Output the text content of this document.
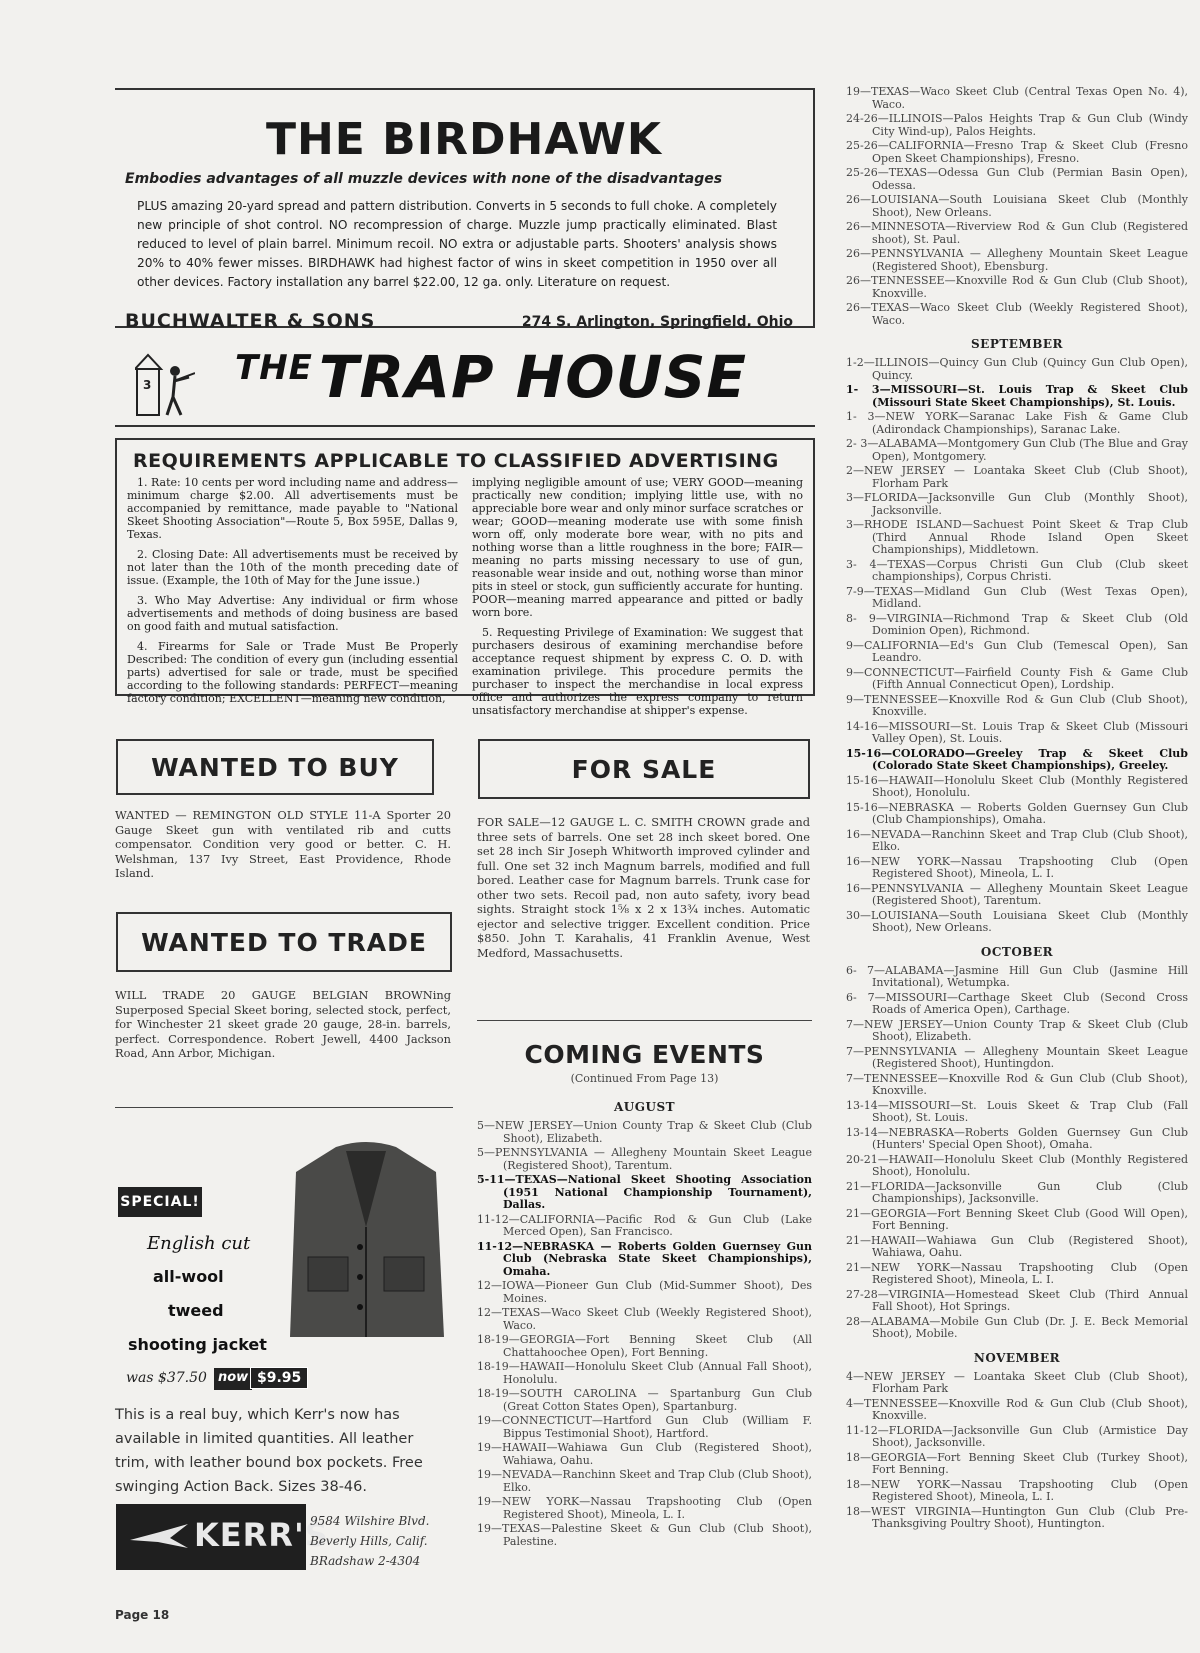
THE BIRDHAWK
Embodies advantages of all muzzle devices with none of the disadvantages
PLUS amazing 20-yard spread and pattern distribution. Converts in 5 seconds to full choke. A completely new principle of shot control. NO recompression of charge. Muzzle jump practically eliminated. Blast reduced to level of plain barrel. Minimum recoil. NO extra or adjustable parts. Shooters' analysis shows 20% to 40% fewer misses. BIRDHAWK had highest factor of wins in skeet competition in 1950 over all other devices. Factory installation any barrel $22.00, 12 ga. only. Literature on request.
BUCHWALTER & SONS	274 S. Arlington, Springfield, Ohio
3 $^{THE}$ TRAP HOUSE
REQUIREMENTS APPLICABLE TO CLASSIFIED ADVERTISING

1. Rate: 10 cents per word including name and address—minimum charge $2.00. All advertisements must be accompanied by remittance, made payable to "National Skeet Shooting Association"—Route 5, Box 595E, Dallas 9, Texas.

2. Closing Date: All advertisements must be received by not later than the 10th of the month preceding date of issue. (Example, the 10th of May for the June issue.)

3. Who May Advertise: Any individual or firm whose advertisements and methods of doing business are based on good faith and mutual satisfaction.

4. Firearms for Sale or Trade Must Be Properly Described: The condition of every gun (including essential parts) advertised for sale or trade, must be specified according to the following standards: PERFECT—meaning factory condition; EXCELLENT—meaning new condition,

implying negligible amount of use; VERY GOOD—meaning practically new condition; implying little use, with no appreciable bore wear and only minor surface scratches or wear; GOOD—meaning moderate use with some finish worn off, only moderate bore wear, with no pits and nothing worse than a little roughness in the bore; FAIR—meaning no parts missing necessary to use of gun, reasonable wear inside and out, nothing worse than minor pits in steel or stock, gun sufficiently accurate for hunting. POOR—meaning marred appearance and pitted or badly worn bore.

5. Requesting Privilege of Examination: We suggest that purchasers desirous of examining merchandise before acceptance request shipment by express C. O. D. with examination privilege. This procedure permits the purchaser to inspect the merchandise in local express office and authorizes the express company to return unsatisfactory merchandise at shipper's expense.

WANTED TO BUY
WANTED — REMINGTON OLD STYLE 11-A Sporter 20 Gauge Skeet gun with ventilated rib and cutts compensator. Condition very good or better. C. H. Welshman, 137 Ivy Street, East Providence, Rhode Island.
WANTED TO TRADE
WILL TRADE 20 GAUGE BELGIAN BROWNing Superposed Special Skeet boring, selected stock, perfect, for Winchester 21 skeet grade 20 gauge, 28-in. barrels, perfect. Correspondence. Robert Jewell, 4400 Jackson Road, Ann Arbor, Michigan.
SPECIAL!
English cut
all-wool
tweed
shooting jacket
was $37.50 now $9.95
This is a real buy, which Kerr's now has available in limited quantities. All leather trim, with leather bound box pockets. Free swinging Action Back. Sizes 38-46.
KERR'S
9584 Wilshire Blvd.
Beverly Hills, Calif.
BRadshaw 2-4304
FOR SALE
FOR SALE—12 GAUGE L. C. SMITH CROWN grade and three sets of barrels. One set 28 inch skeet bored. One set 28 inch Sir Joseph Whitworth improved cylinder and full. One set 32 inch Magnum barrels, modified and full bored. Leather case for Magnum barrels. Trunk case for other two sets. Recoil pad, non auto safety, ivory bead sights. Straight stock 1⅝ x 2 x 13¾ inches. Automatic ejector and selective trigger. Excellent condition. Price $850. John T. Karahalis, 41 Franklin Avenue, West Medford, Massachusetts.
COMING EVENTS
(Continued From Page 13)
AUGUST
5—NEW JERSEY—Union County Trap & Skeet Club (Club Shoot), Elizabeth.
5—PENNSYLVANIA — Allegheny Mountain Skeet League (Registered Shoot), Tarentum.
5-11—TEXAS—National Skeet Shooting Association (1951 National Championship Tournament), Dallas.
11-12—CALIFORNIA—Pacific Rod & Gun Club (Lake Merced Open), San Francisco.
11-12—NEBRASKA — Roberts Golden Guernsey Gun Club (Nebraska State Skeet Championships), Omaha.
12—IOWA—Pioneer Gun Club (Mid-Summer Shoot), Des Moines.
12—TEXAS—Waco Skeet Club (Weekly Registered Shoot), Waco.
18-19—GEORGIA—Fort Benning Skeet Club (All Chattahoochee Open), Fort Benning.
18-19—HAWAII—Honolulu Skeet Club (Annual Fall Shoot), Honolulu.
18-19—SOUTH CAROLINA — Spartanburg Gun Club (Great Cotton States Open), Spartanburg.
19—CONNECTICUT—Hartford Gun Club (William F. Bippus Testimonial Shoot), Hartford.
19—HAWAII—Wahiawa Gun Club (Registered Shoot), Wahiawa, Oahu.
19—NEVADA—Ranchinn Skeet and Trap Club (Club Shoot), Elko.
19—NEW YORK—Nassau Trapshooting Club (Open Registered Shoot), Mineola, L. I.
19—TEXAS—Palestine Skeet & Gun Club (Club Shoot), Palestine.
19—TEXAS—Waco Skeet Club (Central Texas Open No. 4), Waco.
24-26—ILLINOIS—Palos Heights Trap & Gun Club (Windy City Wind-up), Palos Heights.
25-26—CALIFORNIA—Fresno Trap & Skeet Club (Fresno Open Skeet Championships), Fresno.
25-26—TEXAS—Odessa Gun Club (Permian Basin Open), Odessa.
26—LOUISIANA—South Louisiana Skeet Club (Monthly Shoot), New Orleans.
26—MINNESOTA—Riverview Rod & Gun Club (Registered shoot), St. Paul.
26—PENNSYLVANIA — Allegheny Mountain Skeet League (Registered Shoot), Ebensburg.
26—TENNESSEE—Knoxville Rod & Gun Club (Club Shoot), Knoxville.
26—TEXAS—Waco Skeet Club (Weekly Registered Shoot), Waco.
SEPTEMBER
1-2—ILLINOIS—Quincy Gun Club (Quincy Gun Club Open), Quincy.
1- 3—MISSOURI—St. Louis Trap & Skeet Club (Missouri State Skeet Championships), St. Louis.
1- 3—NEW YORK—Saranac Lake Fish & Game Club (Adirondack Championships), Saranac Lake.
2- 3—ALABAMA—Montgomery Gun Club (The Blue and Gray Open), Montgomery.
2—NEW JERSEY — Loantaka Skeet Club (Club Shoot), Florham Park
3—FLORIDA—Jacksonville Gun Club (Monthly Shoot), Jacksonville.
3—RHODE ISLAND—Sachuest Point Skeet & Trap Club (Third Annual Rhode Island Open Skeet Championships), Middletown.
3- 4—TEXAS—Corpus Christi Gun Club (Club skeet championships), Corpus Christi.
7-9—TEXAS—Midland Gun Club (West Texas Open), Midland.
8- 9—VIRGINIA—Richmond Trap & Skeet Club (Old Dominion Open), Richmond.
9—CALIFORNIA—Ed's Gun Club (Temescal Open), San Leandro.
9—CONNECTICUT—Fairfield County Fish & Game Club (Fifth Annual Connecticut Open), Lordship.
9—TENNESSEE—Knoxville Rod & Gun Club (Club Shoot), Knoxville.
14-16—MISSOURI—St. Louis Trap & Skeet Club (Missouri Valley Open), St. Louis.
15-16—COLORADO—Greeley Trap & Skeet Club (Colorado State Skeet Championships), Greeley.
15-16—HAWAII—Honolulu Skeet Club (Monthly Registered Shoot), Honolulu.
15-16—NEBRASKA — Roberts Golden Guernsey Gun Club (Club Championships), Omaha.
16—NEVADA—Ranchinn Skeet and Trap Club (Club Shoot), Elko.
16—NEW YORK—Nassau Trapshooting Club (Open Registered Shoot), Mineola, L. I.
16—PENNSYLVANIA — Allegheny Mountain Skeet League (Registered Shoot), Tarentum.
30—LOUISIANA—South Louisiana Skeet Club (Monthly Shoot), New Orleans.
OCTOBER
6- 7—ALABAMA—Jasmine Hill Gun Club (Jasmine Hill Invitational), Wetumpka.
6- 7—MISSOURI—Carthage Skeet Club (Second Cross Roads of America Open), Carthage.
7—NEW JERSEY—Union County Trap & Skeet Club (Club Shoot), Elizabeth.
7—PENNSYLVANIA — Allegheny Mountain Skeet League (Registered Shoot), Huntingdon.
7—TENNESSEE—Knoxville Rod & Gun Club (Club Shoot), Knoxville.
13-14—MISSOURI—St. Louis Skeet & Trap Club (Fall Shoot), St. Louis.
13-14—NEBRASKA—Roberts Golden Guernsey Gun Club (Hunters' Special Open Shoot), Omaha.
20-21—HAWAII—Honolulu Skeet Club (Monthly Registered Shoot), Honolulu.
21—FLORIDA—Jacksonville Gun Club (Club Championships), Jacksonville.
21—GEORGIA—Fort Benning Skeet Club (Good Will Open), Fort Benning.
21—HAWAII—Wahiawa Gun Club (Registered Shoot), Wahiawa, Oahu.
21—NEW YORK—Nassau Trapshooting Club (Open Registered Shoot), Mineola, L. I.
27-28—VIRGINIA—Homestead Skeet Club (Third Annual Fall Shoot), Hot Springs.
28—ALABAMA—Mobile Gun Club (Dr. J. E. Beck Memorial Shoot), Mobile.
NOVEMBER
4—NEW JERSEY — Loantaka Skeet Club (Club Shoot), Florham Park
4—TENNESSEE—Knoxville Rod & Gun Club (Club Shoot), Knoxville.
11-12—FLORIDA—Jacksonville Gun Club (Armistice Day Shoot), Jacksonville.
18—GEORGIA—Fort Benning Skeet Club (Turkey Shoot), Fort Benning.
18—NEW YORK—Nassau Trapshooting Club (Open Registered Shoot), Mineola, L. I.
18—WEST VIRGINIA—Huntington Gun Club (Club Pre-Thanksgiving Poultry Shoot), Huntington.
Page 18
